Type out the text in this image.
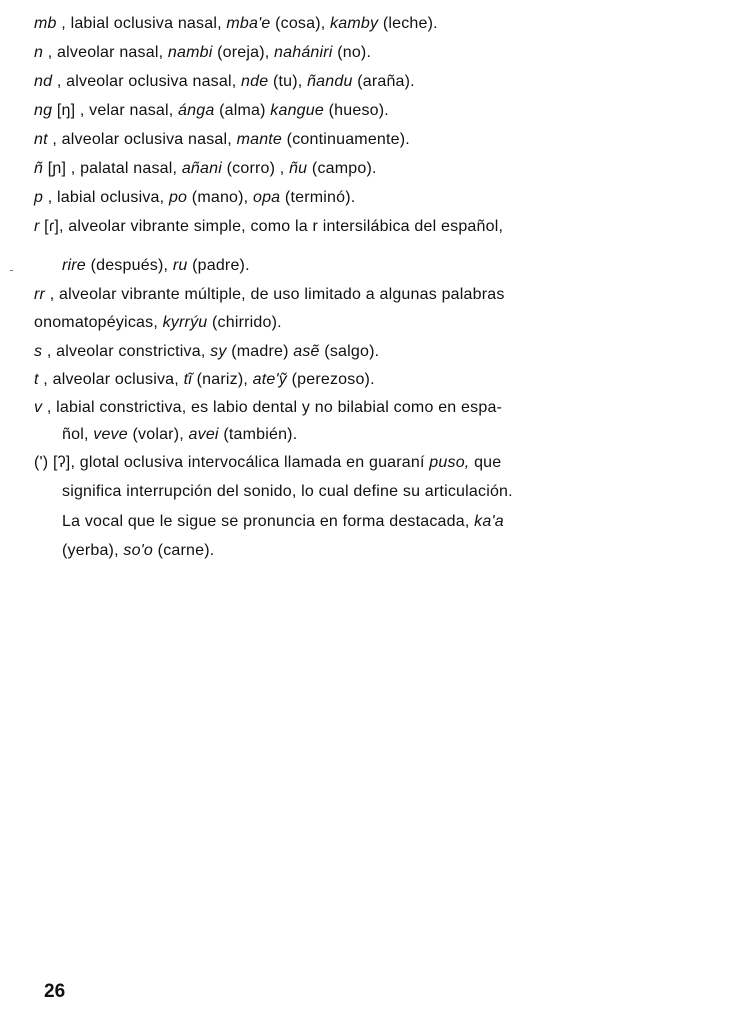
mb , labial oclusiva nasal, mba'e (cosa), kamby (leche).
n , alveolar nasal, nambi (oreja), nahániri (no).
nd , alveolar oclusiva nasal, nde (tu), ñandu (araña).
ng [ŋ] , velar nasal, ánga (alma) kangue (hueso).
nt , alveolar oclusiva nasal, mante (continuamente).
ñ [ɲ] , palatal nasal, añani (corro) , ñu (campo).
p , labial oclusiva, po (mano), opa (terminó).
r [ɾ], alveolar vibrante simple, como la r intersilábica del español,
rire (después), ru (padre).
rr , alveolar vibrante múltiple, de uso limitado a algunas palabras
onomatopéyicas, kyrrýu (chirrido).
s , alveolar constrictiva, sy (madre) asẽ (salgo).
t , alveolar oclusiva, tĩ (nariz), ate'ỹ (perezoso).
v , labial constrictiva, es labio dental y no bilabial como en espa-
ñol, veve (volar), avei (también).
(') [ʔ], glotal oclusiva intervocálica llamada en guaraní puso, que
significa interrupción del sonido, lo cual define su articulación.
La vocal que le sigue se pronuncia en forma destacada, ka'a
(yerba), so'o (carne).
26
